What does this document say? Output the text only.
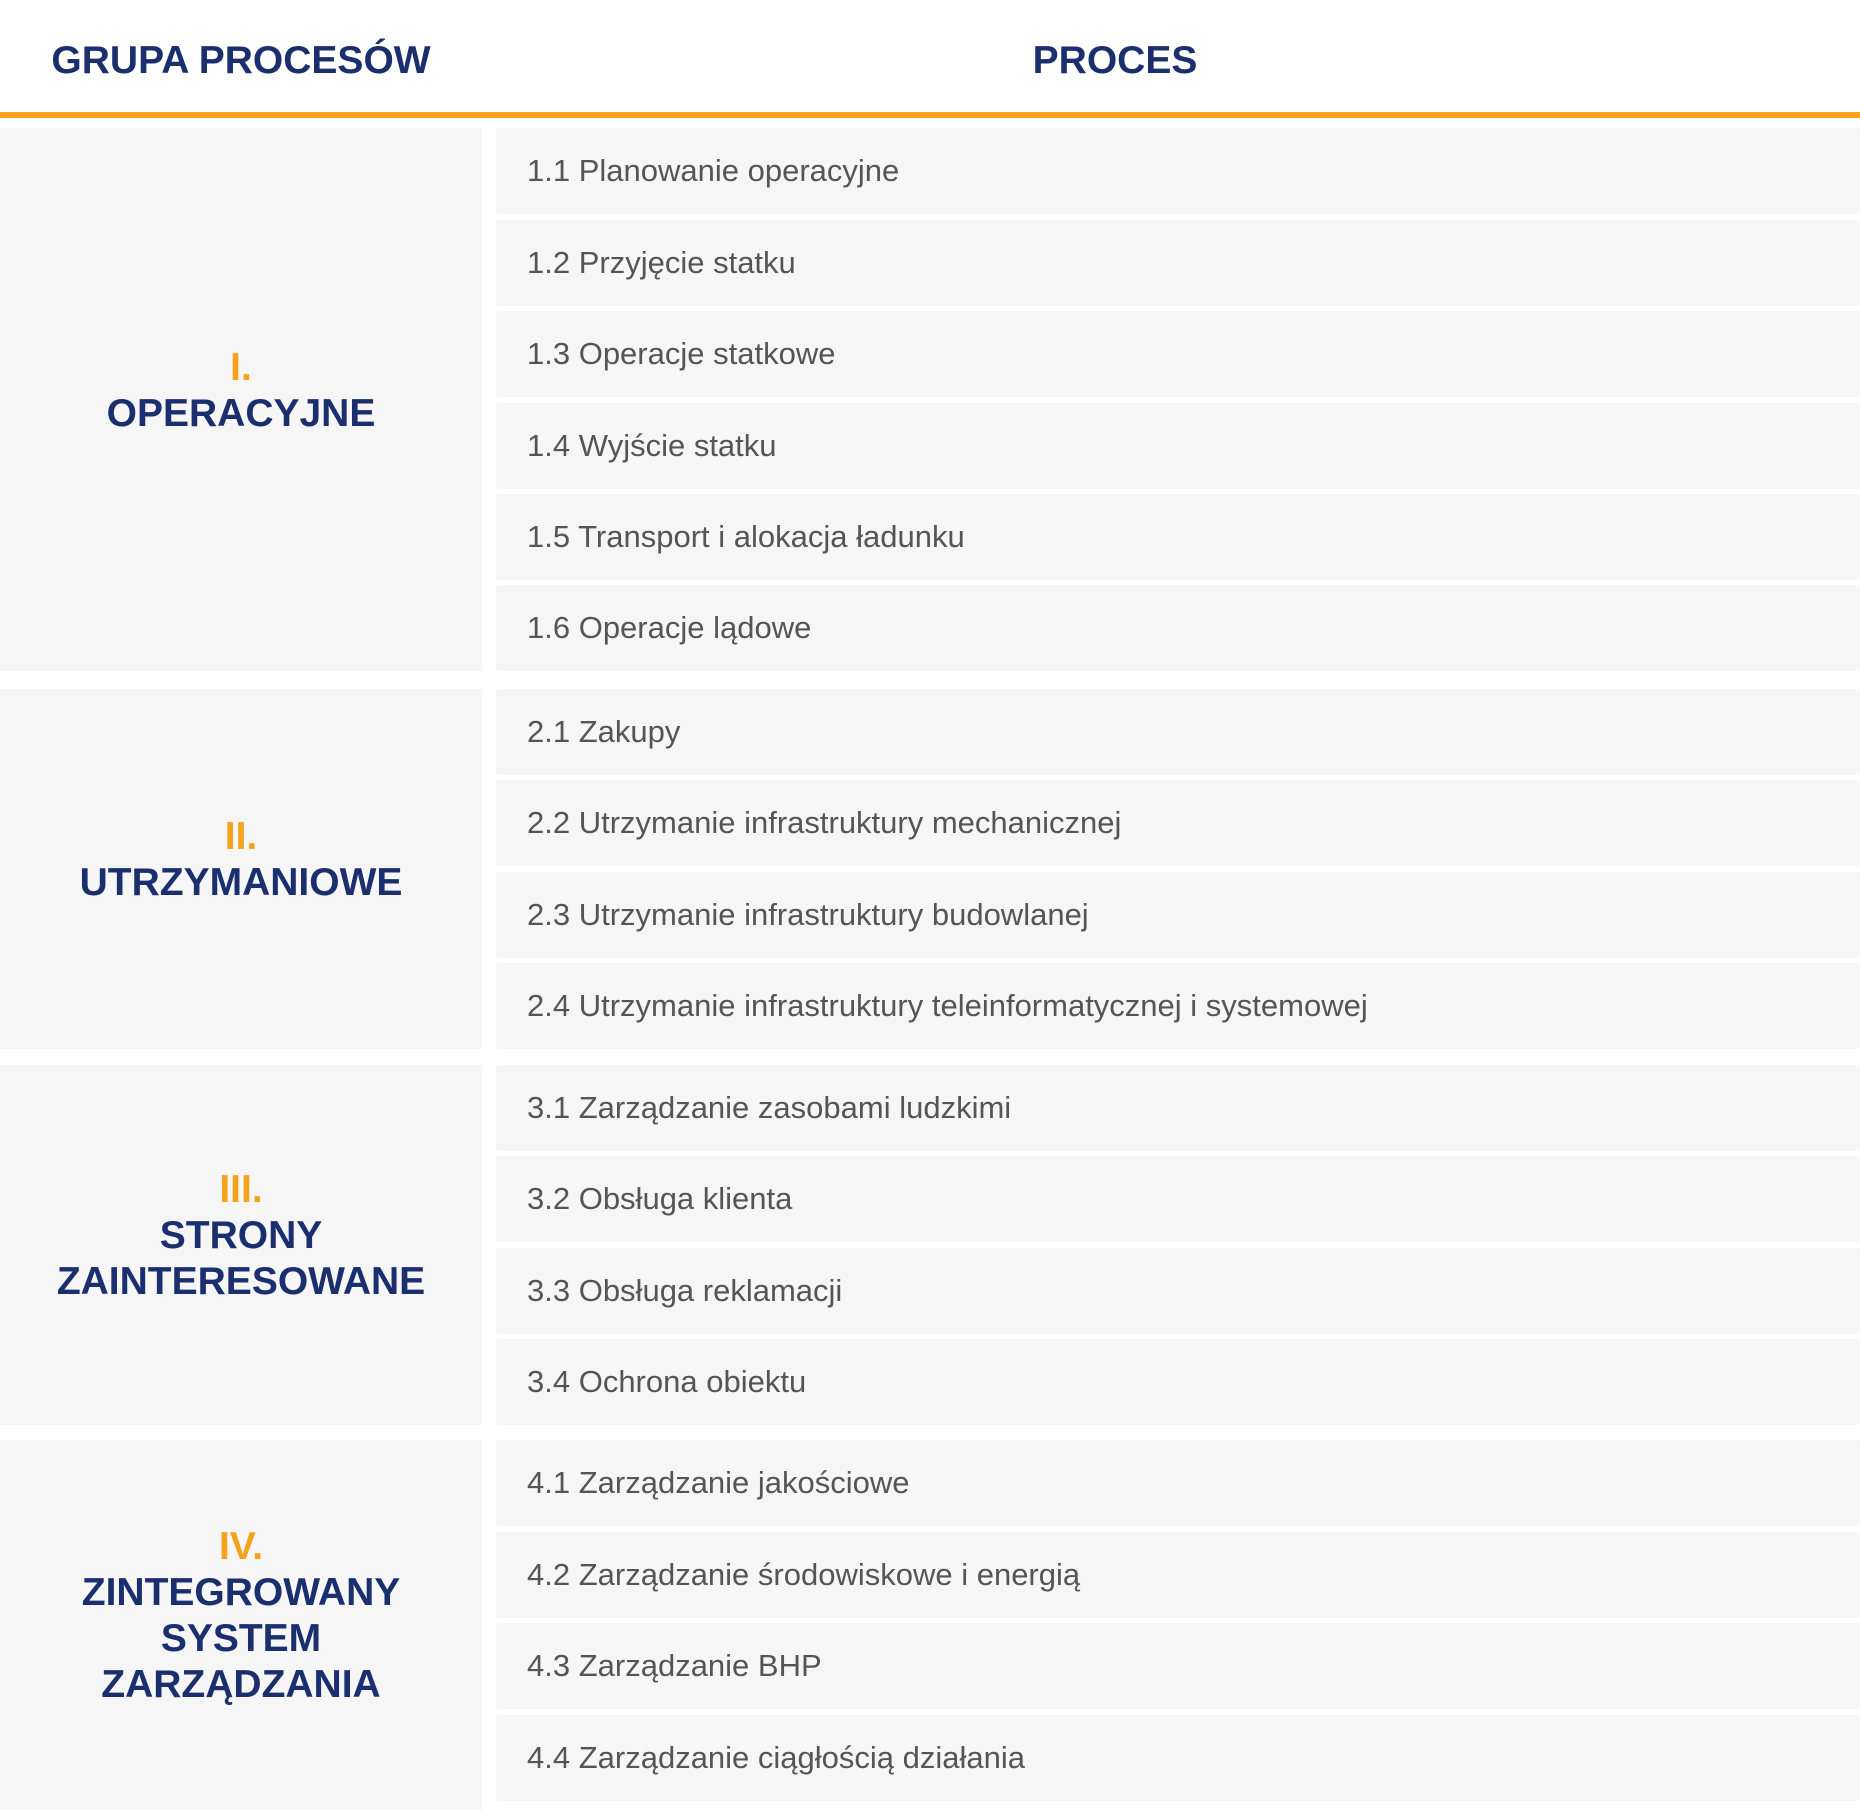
GRUPA PROCESÓW	PROCES
I.
OPERACYJNE
1.1 Planowanie operacyjne
1.2 Przyjęcie statku
1.3 Operacje statkowe
1.4 Wyjście statku
1.5 Transport i alokacja ładunku
1.6 Operacje lądowe
II.
UTRZYMANIOWE
2.1 Zakupy
2.2 Utrzymanie infrastruktury mechanicznej
2.3 Utrzymanie infrastruktury budowlanej
2.4 Utrzymanie infrastruktury teleinformatycznej i systemowej
III.
STRONY
ZAINTERESOWANE
3.1 Zarządzanie zasobami ludzkimi
3.2 Obsługa klienta
3.3 Obsługa reklamacji
3.4 Ochrona obiektu
IV.
ZINTEGROWANY
SYSTEM
ZARZĄDZANIA
4.1 Zarządzanie jakościowe
4.2 Zarządzanie środowiskowe i energią
4.3 Zarządzanie BHP
4.4 Zarządzanie ciągłością działania
